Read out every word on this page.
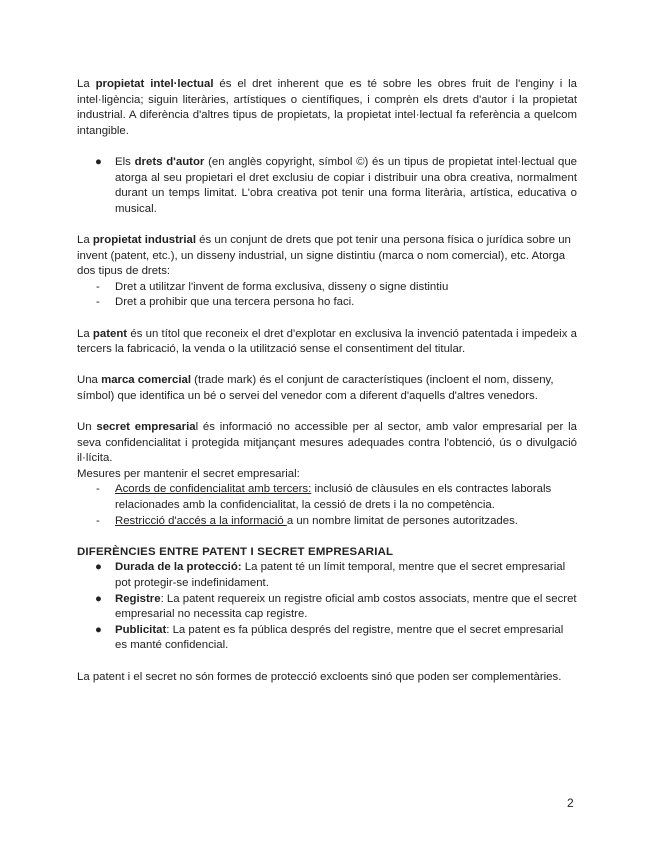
La propietat intel·lectual és el dret inherent que es té sobre les obres fruit de l'enginy i la intel·ligència; siguin literàries, artístiques o científiques, i comprèn els drets d'autor i la propietat industrial. A diferència d'altres tipus de propietats, la propietat intel·lectual fa referència a quelcom intangible.

● Els drets d'autor (en anglès copyright, símbol ©) és un tipus de propietat intel·lectual que atorga al seu propietari el dret exclusiu de copiar i distribuir una obra creativa, normalment durant un temps limitat. L'obra creativa pot tenir una forma literària, artística, educativa o musical.

La propietat industrial és un conjunt de drets que pot tenir una persona física o jurídica sobre un invent (patent, etc.), un disseny industrial, un signe distintiu (marca o nom comercial), etc. Atorga dos tipus de drets:

- Dret a utilitzar l'invent de forma exclusiva, disseny o signe distintiu
- Dret a prohibir que una tercera persona ho faci.

La patent és un títol que reconeix el dret d'explotar en exclusiva la invenció patentada i impedeix a tercers la fabricació, la venda o la utilització sense el consentiment del titular.

Una marca comercial (trade mark) és el conjunt de característiques (incloent el nom, disseny, símbol) que identifica un bé o servei del venedor com a diferent d'aquells d'altres venedors.

Un secret empresarial és informació no accessible per al sector, amb valor empresarial per la seva confidencialitat i protegida mitjançant mesures adequades contra l'obtenció, ús o divulgació il·lícita.

Mesures per mantenir el secret empresarial:

- Acords de confidencialitat amb tercers: inclusió de clàusules en els contractes laborals relacionades amb la confidencialitat, la cessió de drets i la no competència.
- Restricció d'accés a la informació a un nombre limitat de persones autoritzades.

DIFERÈNCIES ENTRE PATENT I SECRET EMPRESARIAL

● Durada de la protecció: La patent té un límit temporal, mentre que el secret empresarial pot protegir-se indefinidament.
● Registre: La patent requereix un registre oficial amb costos associats, mentre que el secret empresarial no necessita cap registre.
● Publicitat: La patent es fa pública després del registre, mentre que el secret empresarial es manté confidencial.

La patent i el secret no són formes de protecció excloents sinó que poden ser complementàries.

2
